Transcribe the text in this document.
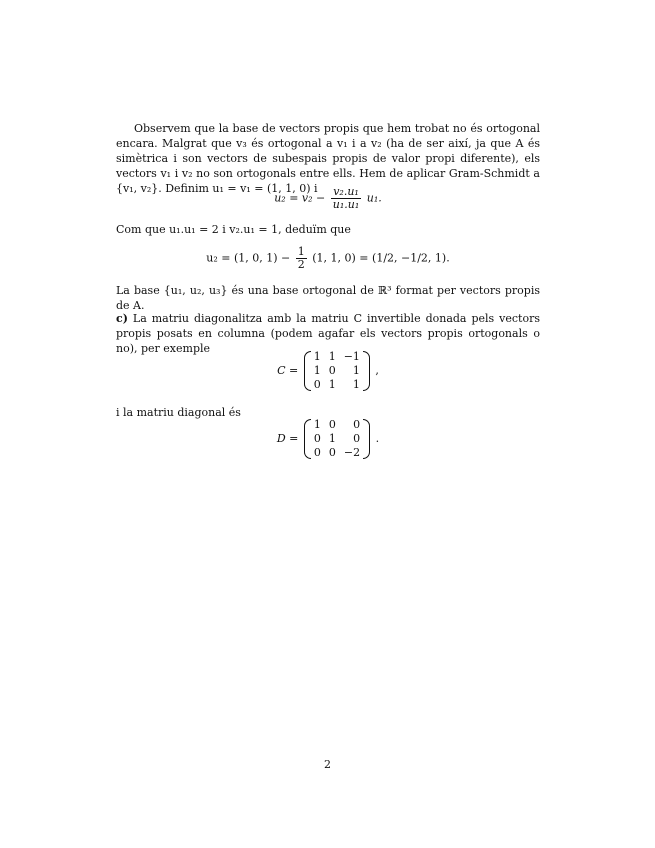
Observem que la base de vectors propis que hem trobat no és ortogonal encara. Malgrat que v₃ és ortogonal a v₁ i a v₂ (ha de ser així, ja que A és simètrica i son vectors de subespais propis de valor propi diferente), els vectors v₁ i v₂ no son ortogonals entre ells. Hem de aplicar Gram-Schmidt a {v₁, v₂}. Definim u₁ = v₁ = (1, 1, 0) i

$u_2 = v_2 - \frac{\text{v₂.u₁}}{\text{u₁.u₁}} u_1$.

Com que u₁.u₁ = 2 i v₂.u₁ = 1, deduïm que

u₂ = (1, 0, $1) - \frac{1}{2} (1$, 1, 0) = (1/2, −1/2, 1).

La base {u₁, u₂, u₃} és una base ortogonal de ℝ³ format per vectors propis de A.

c) La matriu diagonalitza amb la matriu C invertible donada pels vectors propis posats en columna (podem agafar els vectors propis ortogonals o no), per exemple

C =
1	1	−1
1	0	1
0	1	1
,

i la matriu diagonal és

D =
1	0	0
0	1	0
0	0	−2
.
2
